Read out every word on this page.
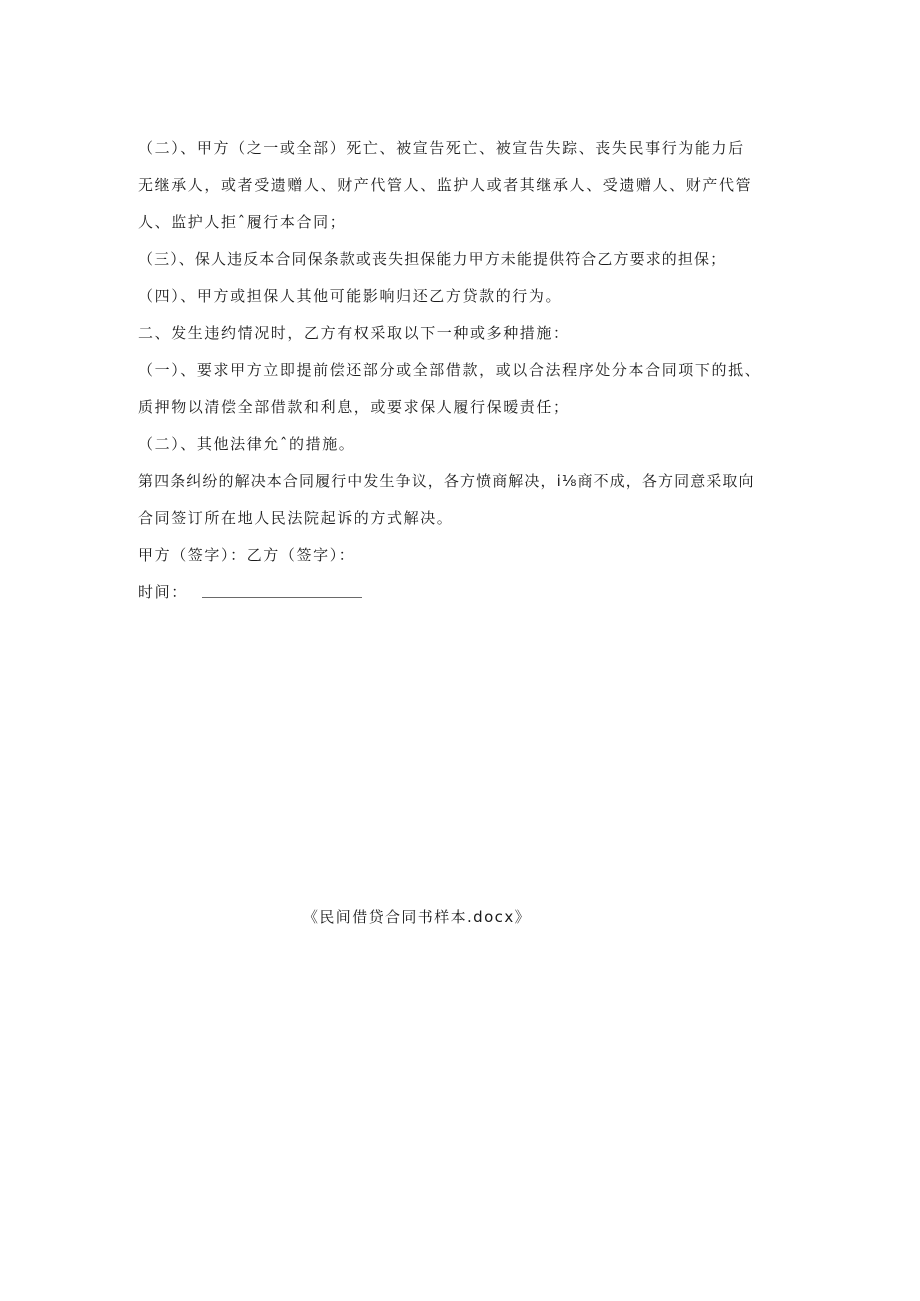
（二）、甲方（之一或全部）死亡、被宣告死亡、被宣告失踪、丧失民事行为能力后
无继承人，或者受遗赠人、财产代管人、监护人或者其继承人、受遗赠人、财产代管
人、监护人拒ˆ履行本合同；
（三）、保人违反本合同保条款或丧失担保能力甲方未能提供符合乙方要求的担保；
（四）、甲方或担保人其他可能影响归还乙方贷款的行为。
二、发生违约情况时，乙方有权采取以下一种或多种措施：
（一）、要求甲方立即提前偿还部分或全部借款，或以合法程序处分本合同项下的抵、
质押物以清偿全部借款和利息，或要求保人履行保暧责任；
（二）、其他法律允ˆ的措施。
第四条纠纷的解决本合同履行中发生争议，各方愤商解决，i⅛商不成，各方同意采取向
合同签订所在地人民法院起诉的方式解决。
甲方（签字）：乙方（签字）：
时间：
《民间借贷合同书样本.docx》
